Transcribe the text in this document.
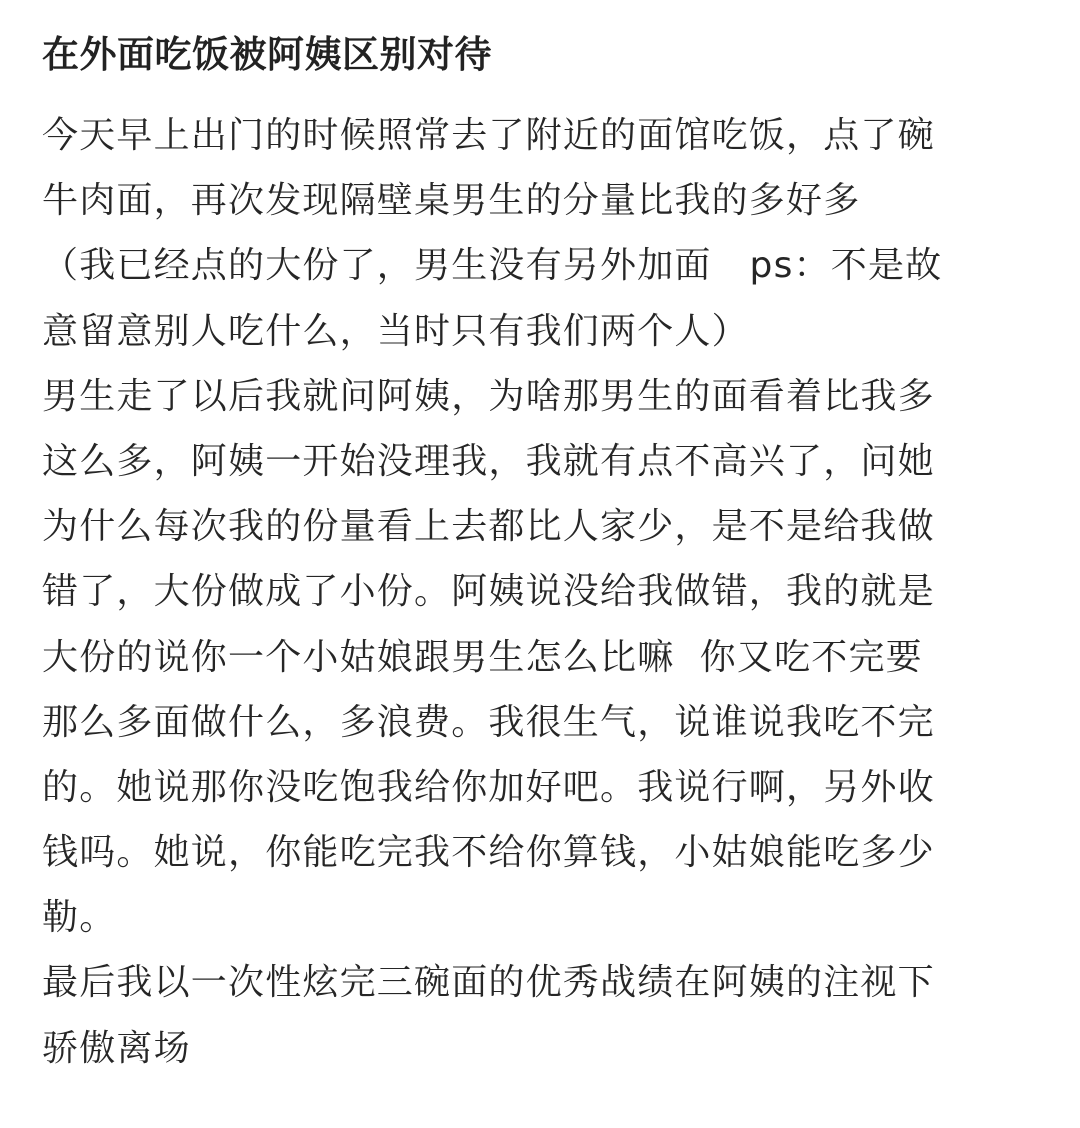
在外面吃饭被阿姨区别对待
今天早上出门的时候照常去了附近的面馆吃饭，点了碗
牛肉面，再次发现隔壁桌男生的分量比我的多好多
（我已经点的大份了，男生没有另外加面   ps：不是故
意留意别人吃什么，当时只有我们两个人）
男生走了以后我就问阿姨，为啥那男生的面看着比我多
这么多，阿姨一开始没理我，我就有点不高兴了，问她
为什么每次我的份量看上去都比人家少，是不是给我做
错了，大份做成了小份。阿姨说没给我做错，我的就是
大份的说你一个小姑娘跟男生怎么比嘛  你又吃不完要
那么多面做什么，多浪费。我很生气，说谁说我吃不完
的。她说那你没吃饱我给你加好吧。我说行啊，另外收
钱吗。她说，你能吃完我不给你算钱，小姑娘能吃多少
勒。
最后我以一次性炫完三碗面的优秀战绩在阿姨的注视下
骄傲离场
